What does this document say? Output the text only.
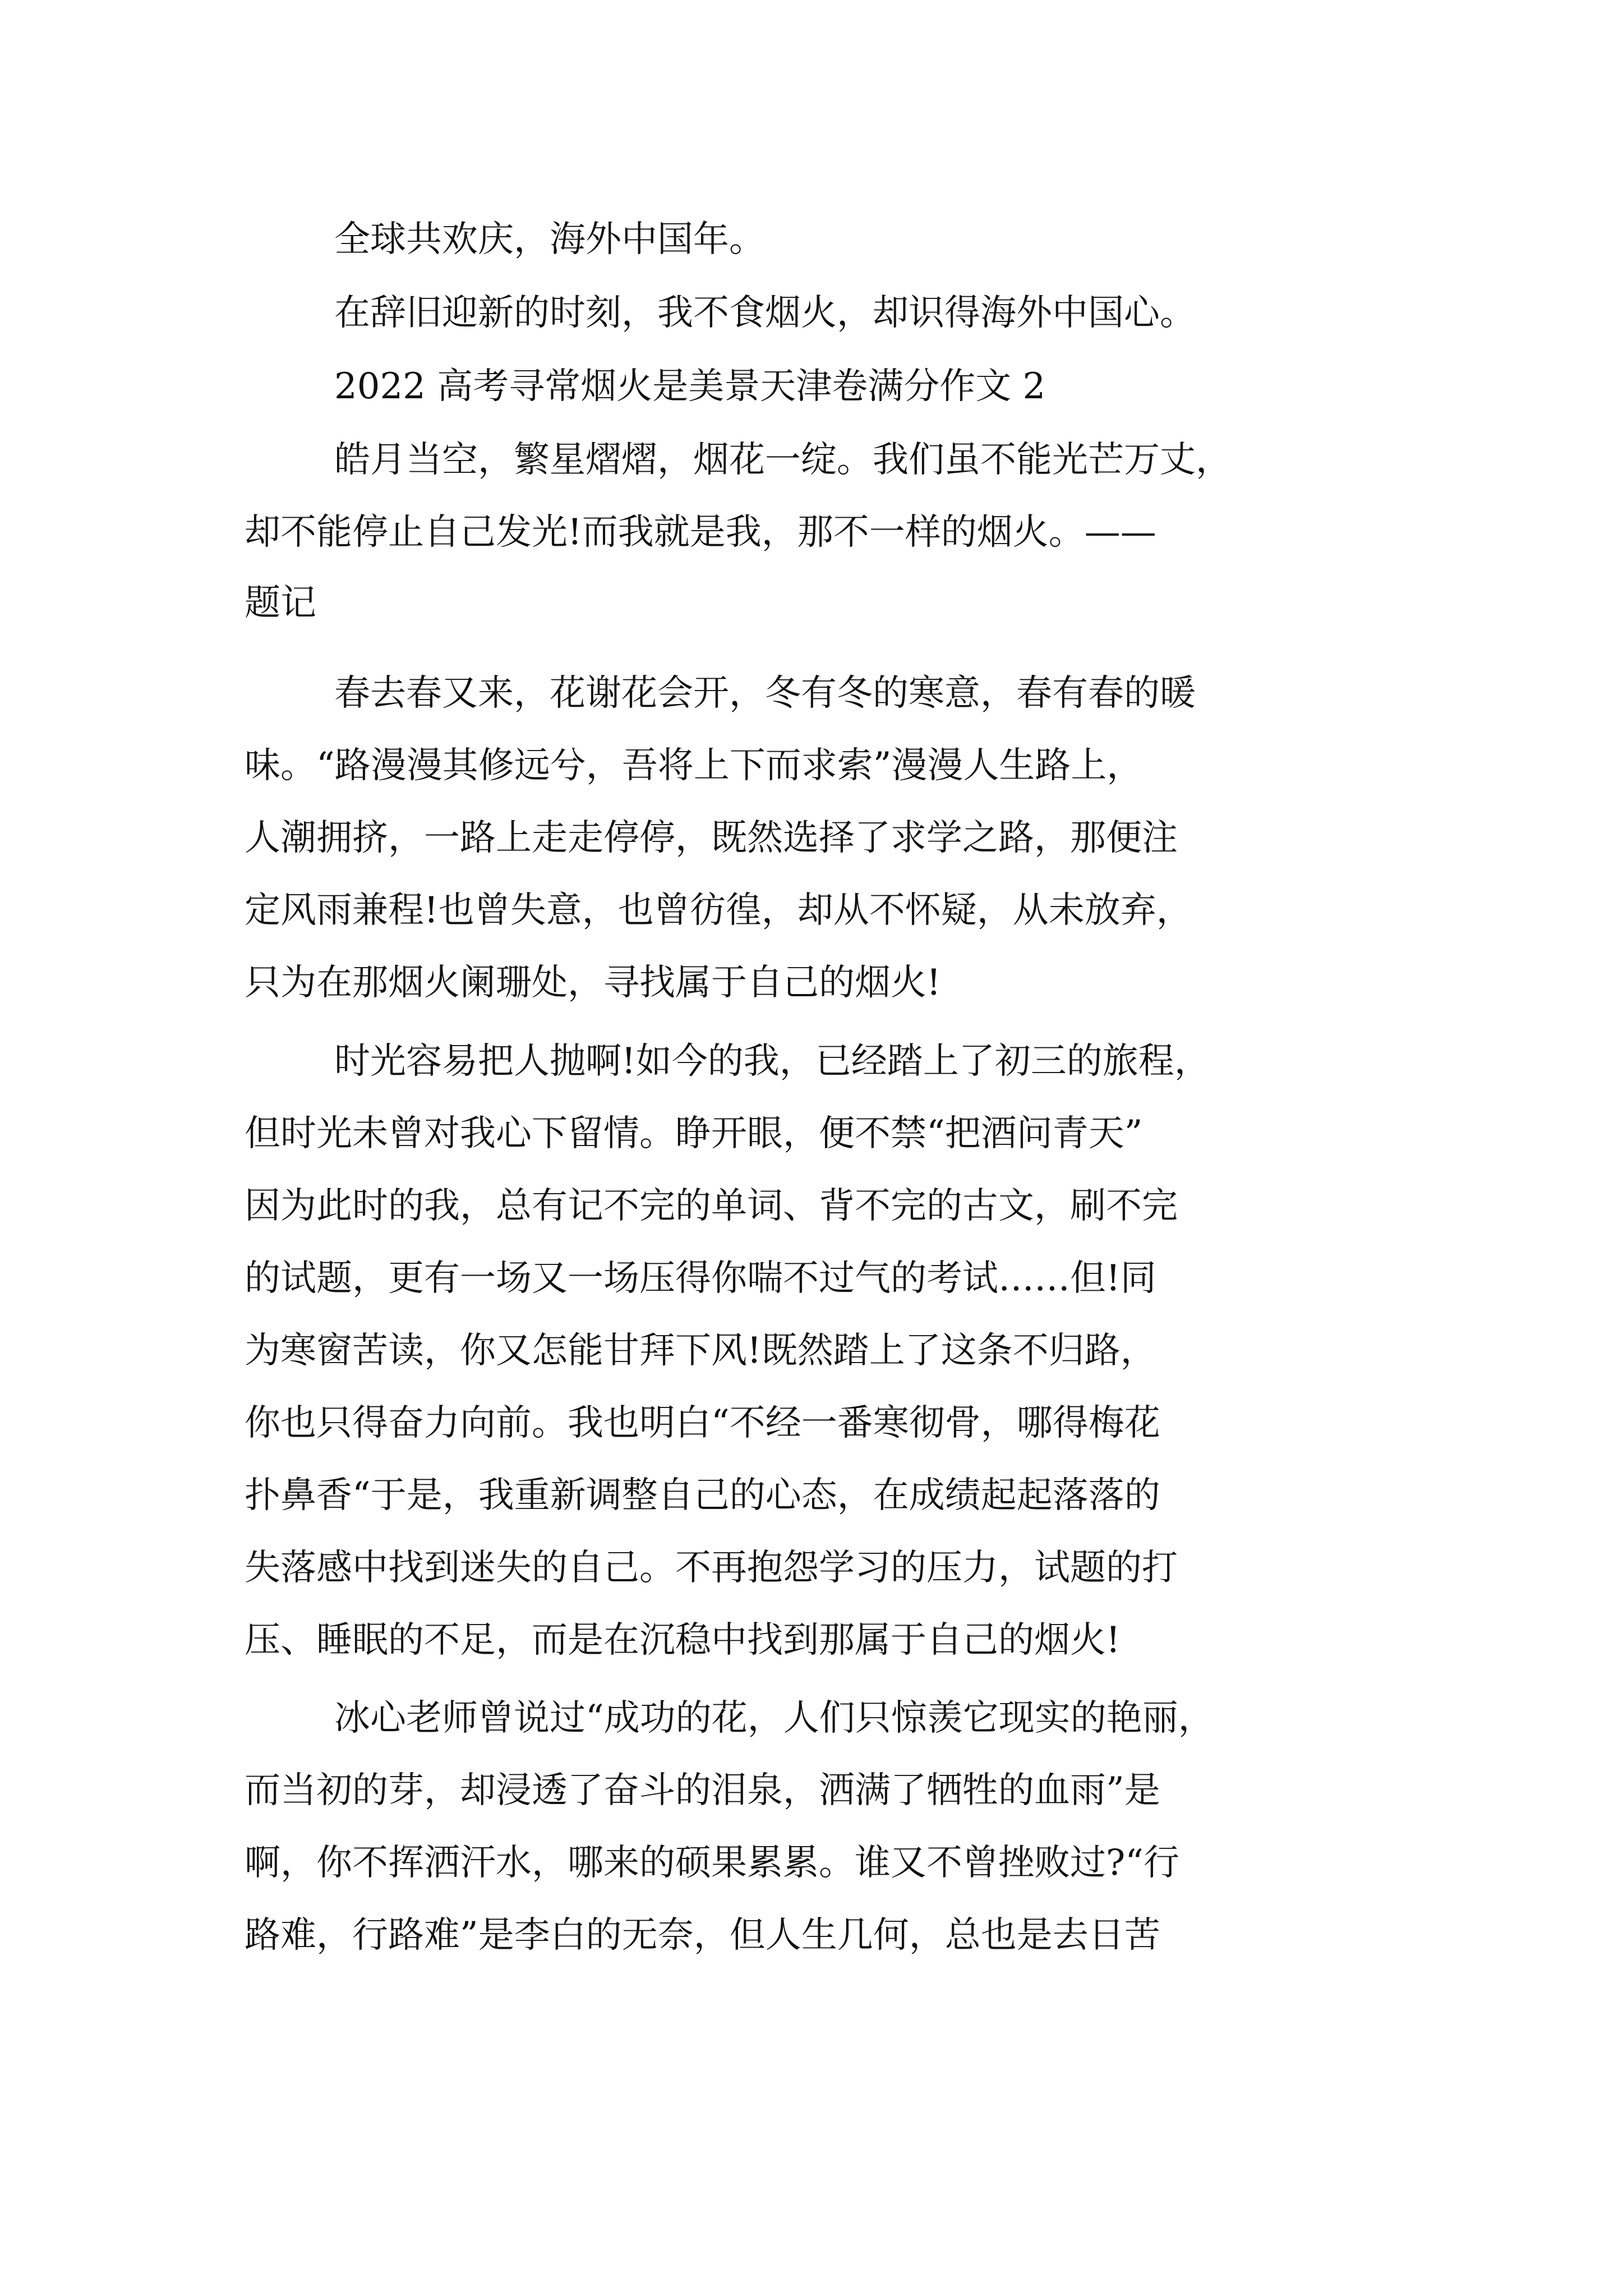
全球共欢庆，海外中国年。
在辞旧迎新的时刻，我不食烟火，却识得海外中国心。
2022 高考寻常烟火是美景天津卷满分作文 2
皓月当空，繁星熠熠，烟花一绽。我们虽不能光芒万丈，
却不能停止自己发光!而我就是我，那不一样的烟火。——
题记
春去春又来，花谢花会开，冬有冬的寒意，春有春的暖
味。“路漫漫其修远兮，吾将上下而求索”漫漫人生路上，
人潮拥挤，一路上走走停停，既然选择了求学之路，那便注
定风雨兼程!也曾失意，也曾彷徨，却从不怀疑，从未放弃，
只为在那烟火阑珊处，寻找属于自己的烟火!
时光容易把人抛啊!如今的我，已经踏上了初三的旅程，
但时光未曾对我心下留情。睁开眼，便不禁“把酒问青天”
因为此时的我，总有记不完的单词、背不完的古文，刷不完
的试题，更有一场又一场压得你喘不过气的考试……但!同
为寒窗苦读，你又怎能甘拜下风!既然踏上了这条不归路，
你也只得奋力向前。我也明白“不经一番寒彻骨，哪得梅花
扑鼻香“于是，我重新调整自己的心态，在成绩起起落落的
失落感中找到迷失的自己。不再抱怨学习的压力，试题的打
压、睡眠的不足，而是在沉稳中找到那属于自己的烟火!
冰心老师曾说过“成功的花，人们只惊羡它现实的艳丽，
而当初的芽，却浸透了奋斗的泪泉，洒满了牺牲的血雨”是
啊，你不挥洒汗水，哪来的硕果累累。谁又不曾挫败过?“行
路难，行路难”是李白的无奈，但人生几何，总也是去日苦
